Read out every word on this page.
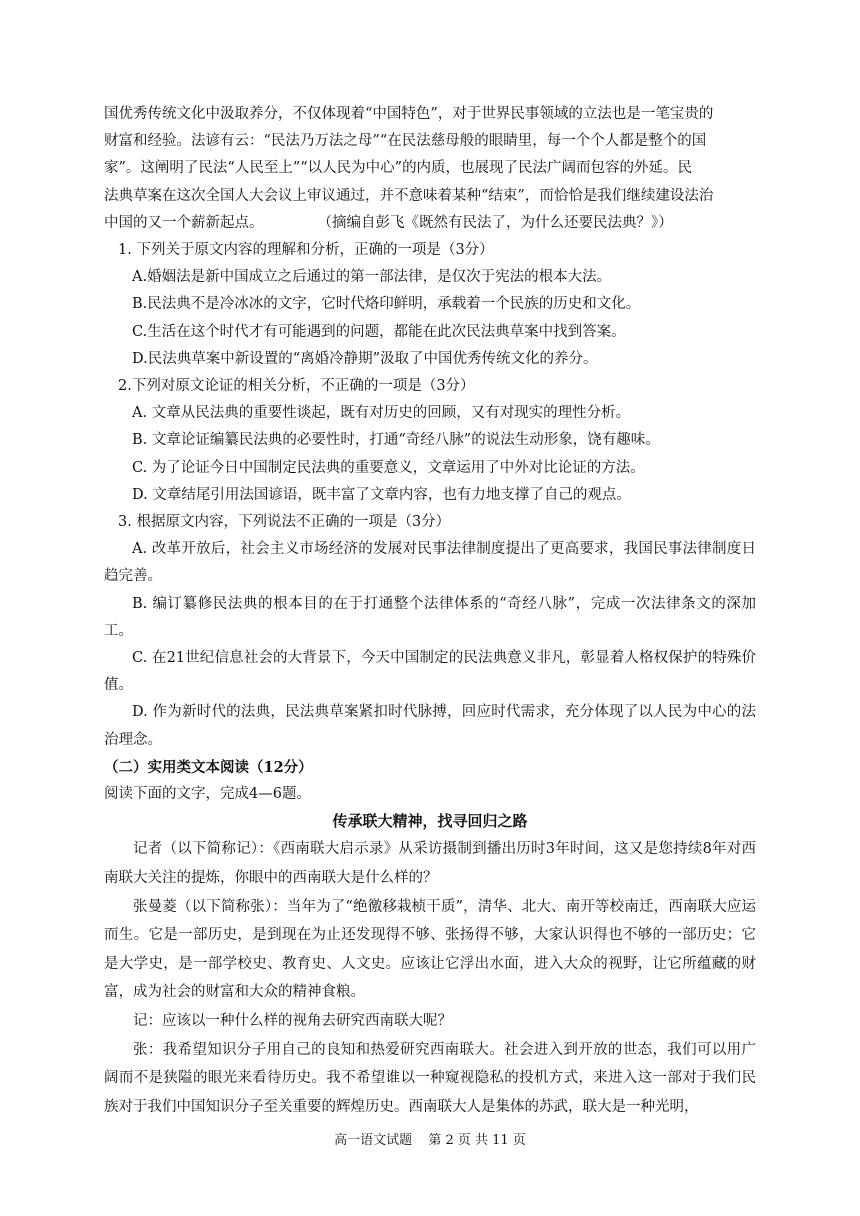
国优秀传统文化中汲取养分，不仅体现着“中国特色”，对于世界民事领域的立法也是一笔宝贵的

财富和经验。法谚有云：“民法乃万法之母”“在民法慈母般的眼睛里，每一个个人都是整个的国

家”。这阐明了民法“人民至上”“以人民为中心”的内质，也展现了民法广阔而包容的外延。民

法典草案在这次全国人大会议上审议通过，并不意味着某种“结束”，而恰恰是我们继续建设法治

中国的又一个薪新起点。	（摘编自彭飞《既然有民法了，为什么还要民法典？》）

1. 下列关于原文内容的理解和分析，正确的一项是（3分）

A.婚姻法是新中国成立之后通过的第一部法律，是仅次于宪法的根本大法。

B.民法典不是冷冰冰的文字，它时代烙印鲜明，承载着一个民族的历史和文化。

C.生活在这个时代才有可能遇到的问题，都能在此次民法典草案中找到答案。

D.民法典草案中新设置的“离婚冷静期”汲取了中国优秀传统文化的养分。

2.下列对原文论证的相关分析，不正确的一项是（3分）

A. 文章从民法典的重要性谈起，既有对历史的回顾，又有对现实的理性分析。

B. 文章论证编纂民法典的必要性时，打通“奇经八脉”的说法生动形象，饶有趣味。

C. 为了论证今日中国制定民法典的重要意义，文章运用了中外对比论证的方法。

D. 文章结尾引用法国谚语，既丰富了文章内容，也有力地支撑了自己的观点。

3. 根据原文内容，下列说法不正确的一项是（3分）

A. 改革开放后，社会主义市场经济的发展对民事法律制度提出了更高要求，我国民事法律制度日趋完善。

B. 编订纂修民法典的根本目的在于打通整个法律体系的“奇经八脉”，完成一次法律条文的深加工。

C. 在21世纪信息社会的大背景下，今天中国制定的民法典意义非凡，彰显着人格权保护的特殊价值。

D. 作为新时代的法典，民法典草案紧扣时代脉搏，回应时代需求，充分体现了以人民为中心的法治理念。

（二）实用类文本阅读（12分）

阅读下面的文字，完成4—6题。

传承联大精神，找寻回归之路

记者（以下简称记）：《西南联大启示录》从采访摄制到播出历时3年时间，这又是您持续8年对西南联大关注的提炼，你眼中的西南联大是什么样的？

张曼菱（以下简称张）：当年为了“绝徼移栽桢干质”，清华、北大、南开等校南迁，西南联大应运而生。它是一部历史，是到现在为止还发现得不够、张扬得不够，大家认识得也不够的一部历史；它是大学史，是一部学校史、教育史、人文史。应该让它浮出水面，进入大众的视野，让它所蕴藏的财富，成为社会的财富和大众的精神食粮。

记：应该以一种什么样的视角去研究西南联大呢？

张：我希望知识分子用自己的良知和热爱研究西南联大。社会进入到开放的世态，我们可以用广阔而不是狭隘的眼光来看待历史。我不希望谁以一种窥视隐私的投机方式，来进入这一部对于我们民族对于我们中国知识分子至关重要的辉煌历史。西南联大人是集体的苏武，联大是一种光明，

高一语文试题 第 2 页 共 11 页
